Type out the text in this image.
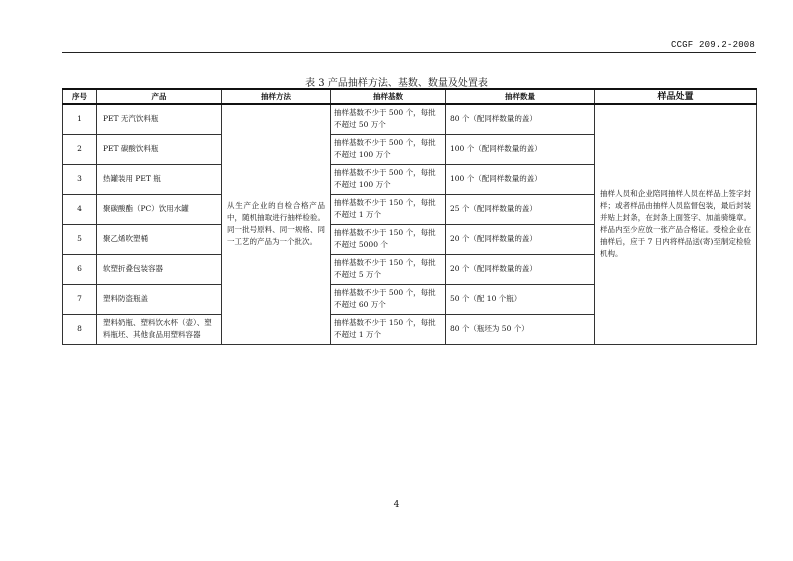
CCGF 209.2-2008
表 3 产品抽样方法、基数、数量及处置表
序号	产品	抽样方法	抽样基数	抽样数量	样品处置
1	PET 无汽饮料瓶	从生产企业的自检合格产品中，随机抽取进行抽样检验。同一批号原料、同一规格、同一工艺的产品为一个批次。	抽样基数不少于 500 个，每批不超过 50 万个	80 个（配同样数量的盖）	抽样人员和企业陪同抽样人员在样品上签字封样；或者样品由抽样人员监督包装，最后封装并贴上封条，在封条上面签字、加盖骑缝章。样品内至少应放一张产品合格证。受检企业在抽样后，应于 7 日内将样品送(寄)至制定检验机构。
2	PET 碳酸饮料瓶		抽样基数不少于 500 个，每批不超过 100 万个	100 个（配同样数量的盖）	
3	热罐装用 PET 瓶		抽样基数不少于 500 个，每批不超过 100 万个	100 个（配同样数量的盖）	
4	聚碳酸酯（PC）饮用水罐		抽样基数不少于 150 个，每批不超过 1 万个	25 个（配同样数量的盖）	
5	聚乙烯吹塑桶		抽样基数不少于 150 个，每批不超过 5000 个	20 个（配同样数量的盖）	
6	软塑折叠包装容器		抽样基数不少于 150 个，每批不超过 5 万个	20 个（配同样数量的盖）	
7	塑料防盗瓶盖		抽样基数不少于 500 个，每批不超过 60 万个	50 个（配 10 个瓶）	
8	塑料奶瓶、塑料饮水杯（壶）、塑料瓶坯、其他食品用塑料容器		抽样基数不少于 150 个，每批不超过 1 万个	80 个（瓶坯为 50 个）	
4
